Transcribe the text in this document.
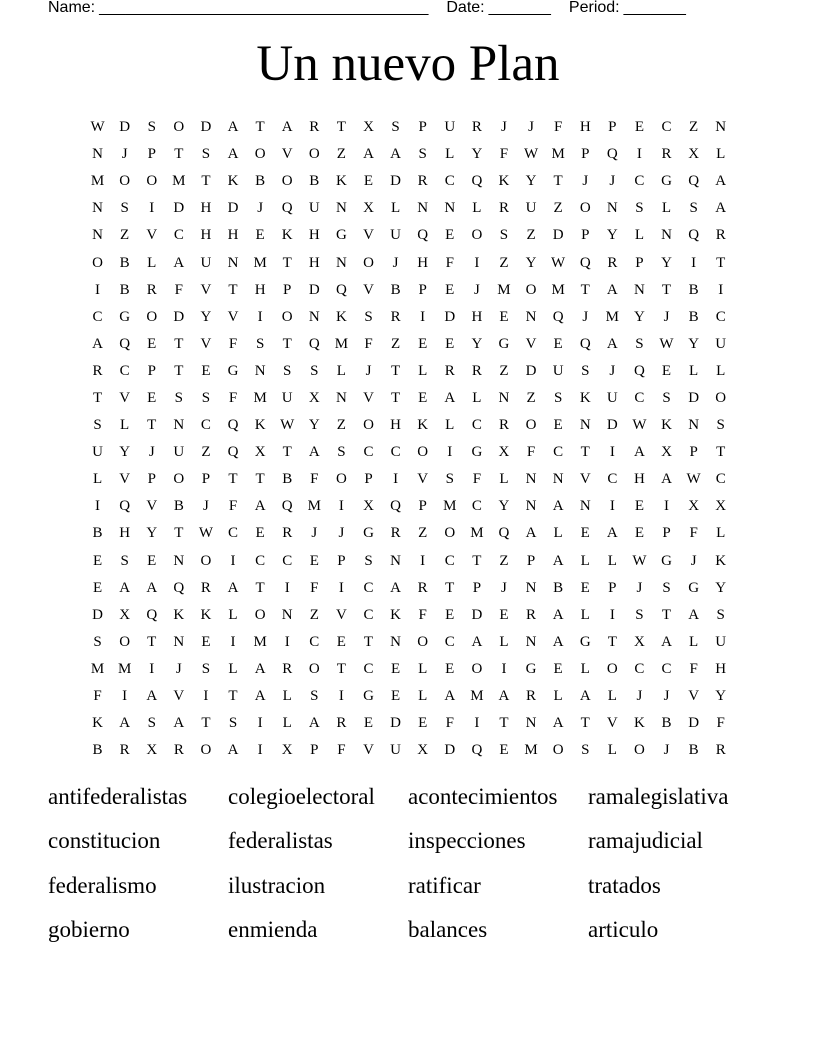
Name: _____________________________________ Date: _______ Period: _______
Un nuevo Plan
W D	S	O	D	A	T	A	R	T	X	S	P	U	R	J	J	F	H	P	E	C	Z	N
N	J	P	T	S	A	O	V	O	Z	A	A	S	L	Y	F	W M	P	Q	I	R	X	L
M	O	O	M	T	K	B	O	B	K	E	D	R	C	Q	K	Y	T	J	J	C	G	Q	A
N	S	I	D	H	D	J	Q	U	N	X	L	N	N	L	R	U	Z	O	N	S	L	S	A
N	Z	V	C	H	H	E	K	H	G	V	U	Q	E	O	S	Z	D	P	Y	L	N	Q	R
O	B	L	A	U	N	M	T	H	N	O	J	H	F	I	Z	Y W Q	R	P	Y	I	T
I	B	R	F	V	T	H	P	D	Q	V	B	P	E	J	M	O	M	T	A	N	T	B	I
C	G	O	D	Y	V	I	O	N	K	S	R	I	D	H	E	N	Q	J	M	Y	J	B	C
A	Q	E	T	V	F	S	T	Q	M	F	Z	E	E	Y	G	V	E	Q	A	S	W Y	U
R	C	P	T	E	G	N	S	S	L	J	T	L	R	R	Z	D	U	S	J	Q	E	L	L
T	V	E	S	S	F	M	U	X	N	V	T	E	A	L	N	Z	S	K	U	C	S	D	O
S	L	T	N	C	Q	K W Y	Z	O	H	K	L	C	R	O	E	N	D W K	N	S
U	Y	J	U	Z	Q	X	T	A	S	C	C	O	I	G	X	F	C	T	I	A	X	P	T
L	V	P	O	P	T	T	B	F	O	P	I	V	S	F	L	N	N	V	C	H	A W	C
I	Q	V	B	J	F	A	Q	M	I	X	Q	P	M	C	Y	N	A	N	I	E	I	X	X
B	H	Y	T	W	C	E	R	J	J	G	R	Z	O	M	Q	A	L	E	A	E	P	F	L
E	S	E	N	O	I	C	C	E	P	S	N	I	C	T	Z	P	A	L	L	W G	J	K
E	A	A	Q	R	A	T	I	F	I	C	A	R	T	P	J	N	B	E	P	J	S	G	Y
D	X	Q	K	K	L	O	N	Z	V	C	K	F	E	D	E	R	A	L	I	S	T	A	S
S	O	T	N	E	I	M	I	C	E	T	N	O	C	A	L	N	A	G	T	X	A	L	U
M M	I	J	S	L	A	R	O	T	C	E	L	E	O	I	G	E	L	O	C	C	F	H
F	I	A	V	I	T	A	L	S	I	G	E	L	A	M	A	R	L	A	L	J	J	V	Y
K	A	S	A	T	S	I	L	A	R	E	D	E	F	I	T	N	A	T	V	K	B	D	F
B	R	X	R	O	A	I	X	P	F	V	U	X	D	Q	E	M	O	S	L	O	J	B	R
antifederalistas	colegioelectoral	acontecimientos	ramalegislativa
constitucion	federalistas	inspecciones	ramajudicial
federalismo	ilustracion	ratificar	tratados
gobierno	enmienda	balances	articulo
